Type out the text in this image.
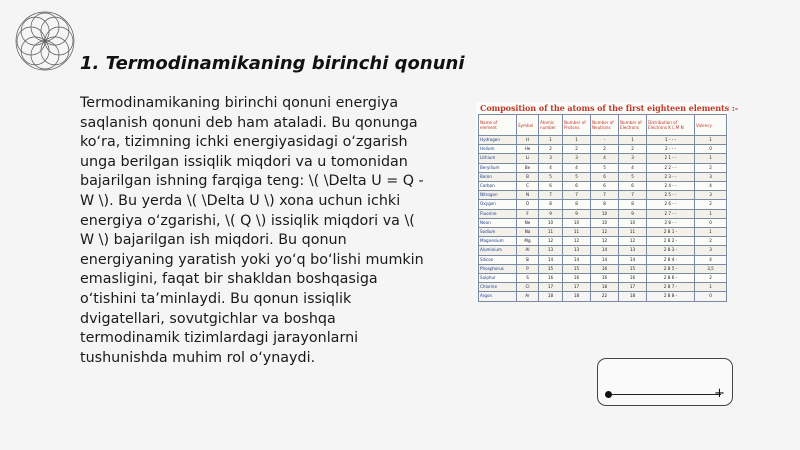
1. Termodinamikaning birinchi qonuni

Termodinamikaning birinchi qonuni energiya saqlanish qonuni deb ham ataladi. Bu qonunga ko‘ra, tizimning ichki energiyasidagi o‘zgarish unga berilgan issiqlik miqdori va u tomonidan bajarilgan ishning farqiga teng: \( \Delta U = Q - W \). Bu yerda \( \Delta U \) xona uchun ichki energiya o‘zgarishi, \( Q \) issiqlik miqdori va \( W \) bajarilgan ish miqdori. Bu qonun energiyaning yaratish yoki yo‘q bo‘lishi mumkin emasligini, faqat bir shakldan boshqasiga o‘tishini ta’minlaydi. Bu qonun issiqlik dvigatellari, sovutgichlar va boshqa termodinamik tizimlardagi jarayonlarni tushunishda muhim rol o‘ynaydi.

Composition of the atoms of the first eighteen elements :-
Name of element	Symbol	Atomic number	Number of Protons	Number of Neutrons	Number of Electrons	Distribution of Electrons K L M N	Valency
Hydrogen	H	1	1	-	1	1 - - -	1
Helium	He	2	2	2	2	2 - - -	0
Lithium	Li	3	3	4	3	2 1 - -	1
Beryllium	Be	4	4	5	4	2 2 - -	2
Boron	B	5	5	6	5	2 3 - -	3
Carbon	C	6	6	6	6	2 4 - -	4
Nitrogen	N	7	7	7	7	2 5 - -	3
Oxygen	O	8	8	8	8	2 6 - -	2
Fluorine	F	9	9	10	9	2 7 - -	1
Neon	Ne	10	10	10	10	2 8 - -	0
Sodium	Na	11	11	12	11	2 8 1 -	1
Magnesium	Mg	12	12	12	12	2 8 2 -	2
Aluminium	Al	13	13	14	13	2 8 3 -	3
Silicon	Si	14	14	14	14	2 8 4 -	4
Phosphorus	P	15	15	16	15	2 8 5 -	3,5
Sulphur	S	16	16	16	16	2 8 6 -	2
Chlorine	Cl	17	17	18	17	2 8 7 -	1
Argon	Ar	18	18	22	18	2 8 8 -	0
+
